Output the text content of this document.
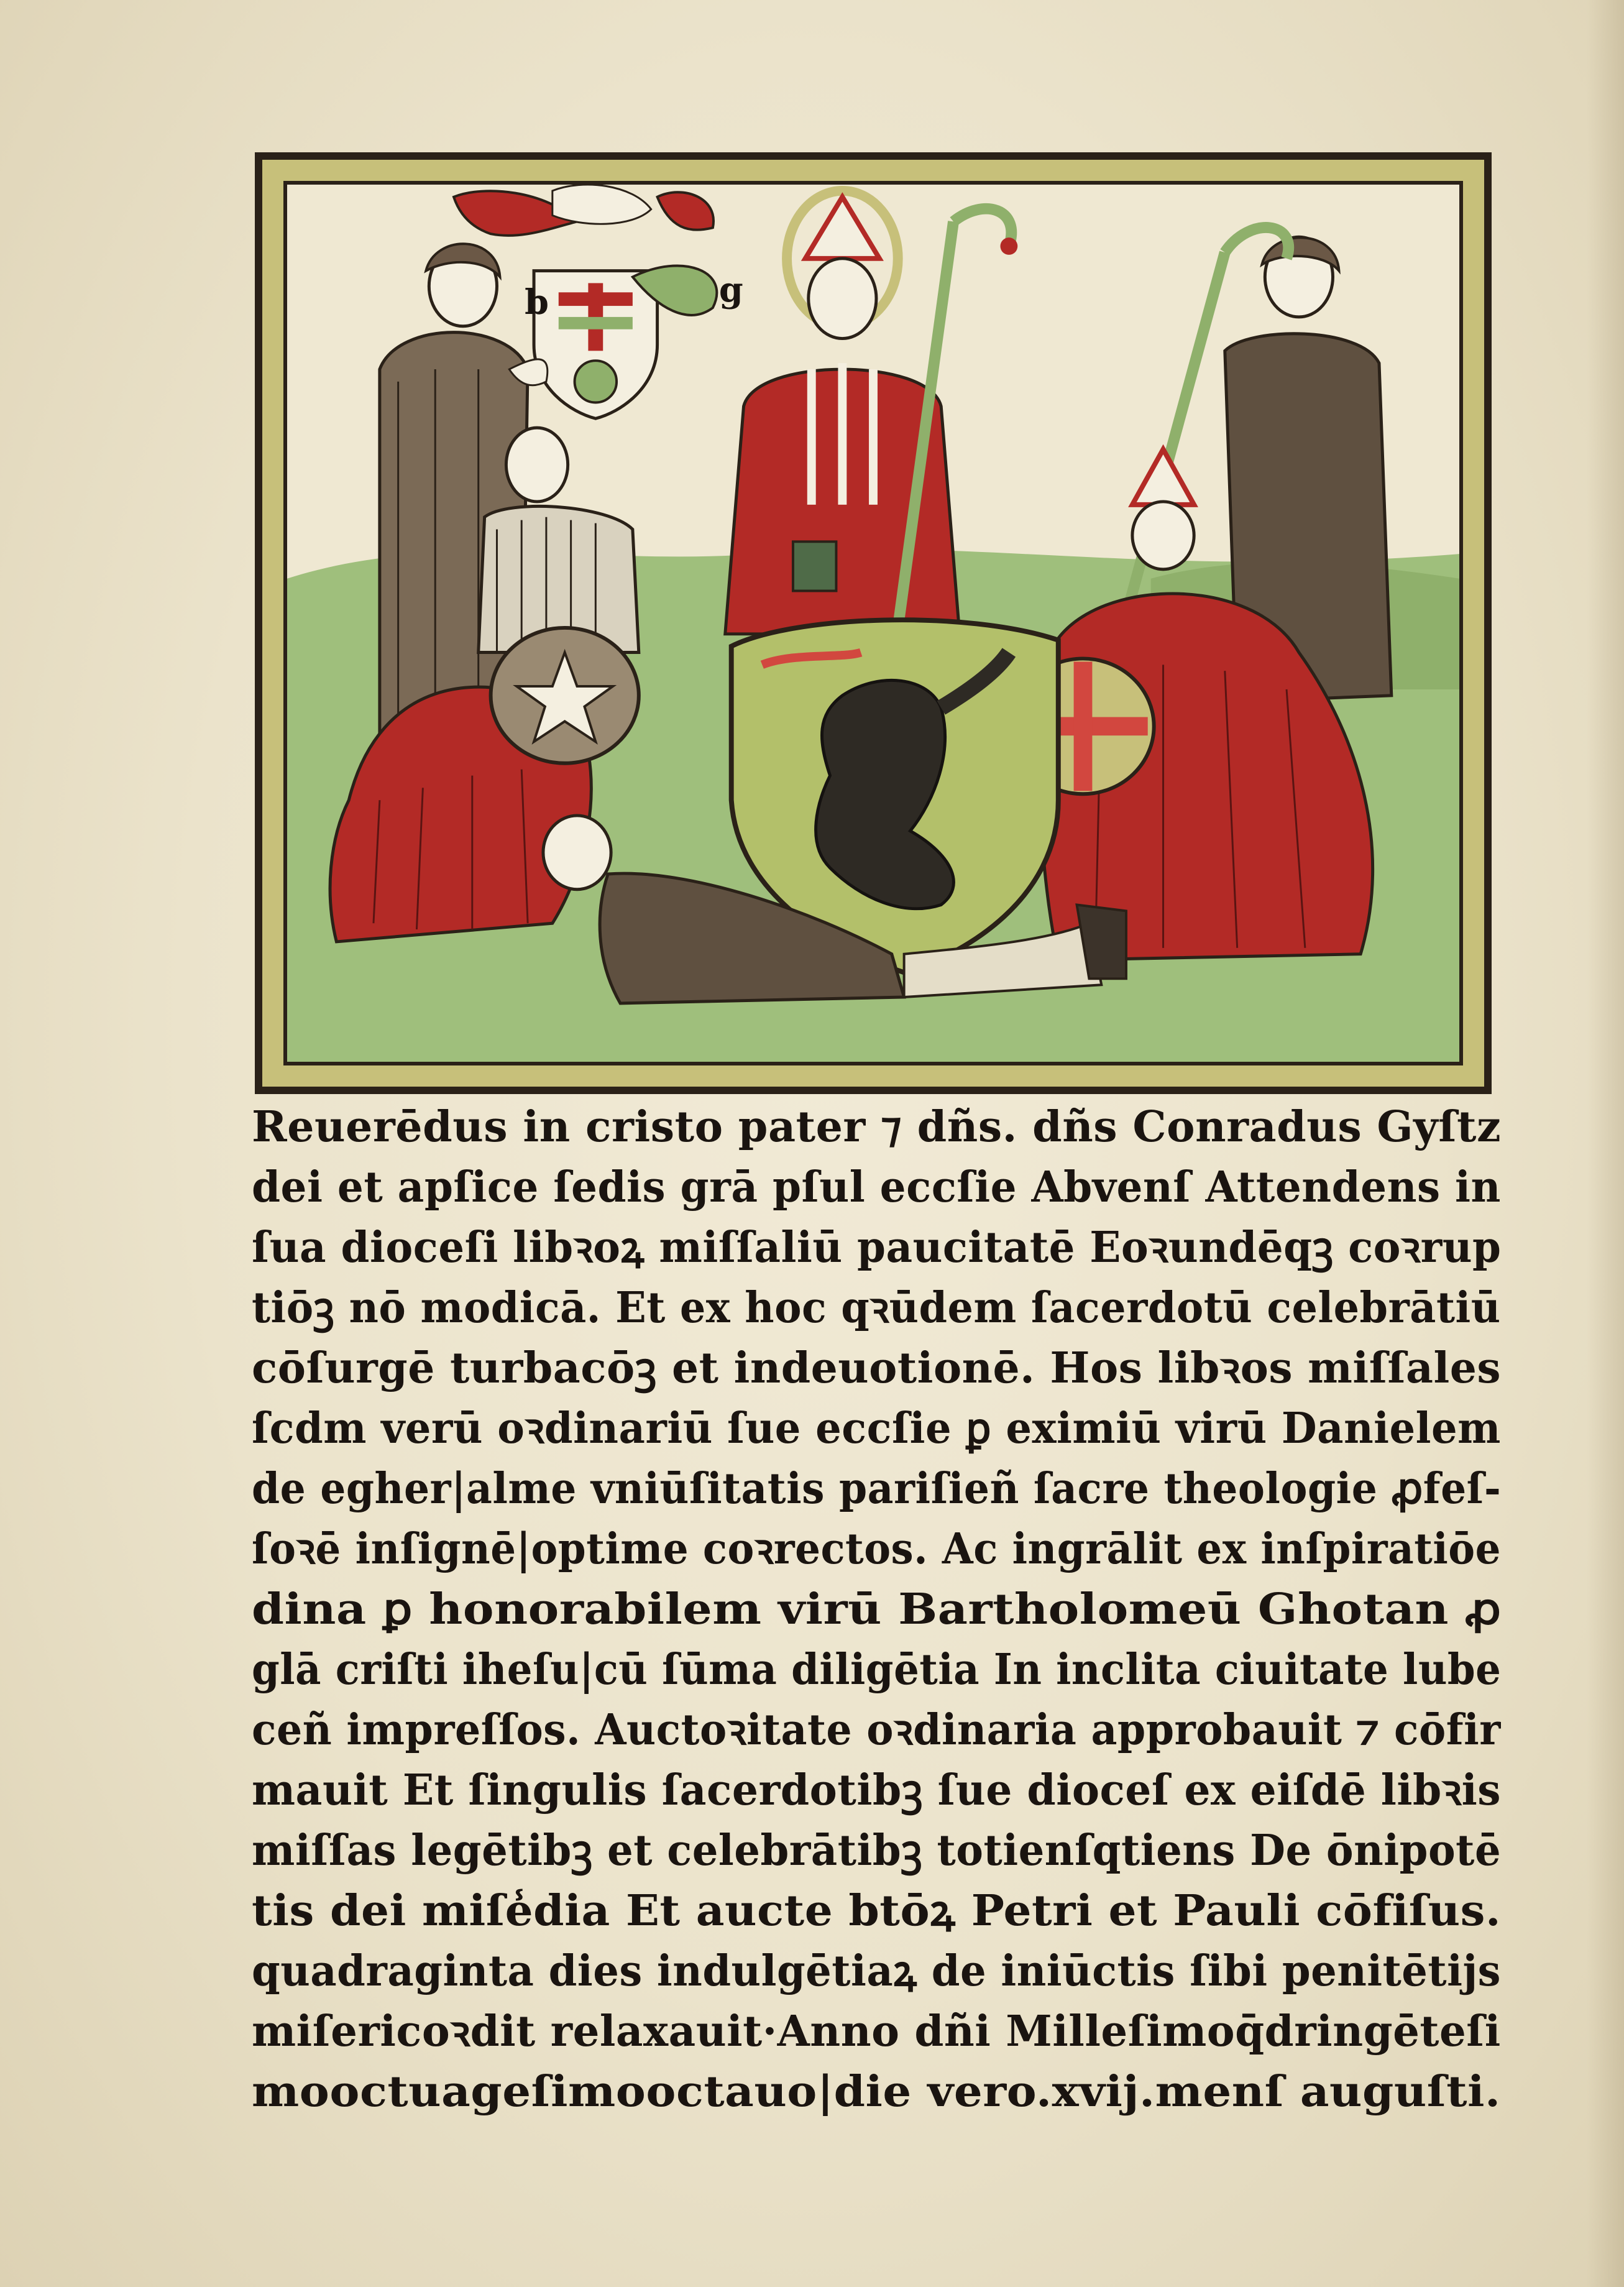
b	g
Reuerēdus in cristo pater ⁊ dñs. dñs Conradus Gyſtz
dei et apſice ſedis grā pſul eccſie Abvenſ Attendens in
ſua dioceſi libꝛoꝝ miſſaliū paucitatē Eoꝛundēqꝫ coꝛrup
tiōꝫ nō modicā. Et ex hoc qꝛūdem ſacerdotū celebrātiū
cōſurgē turbacōꝫ et indeuotionē. Hos libꝛos miſſales
ſcdm verū oꝛdinariū ſue eccſie ꝑ eximiū virū Danielem
de egher|alme vniūſitatis pariſieñ ſacre theologie ꝓfeſ-
ſoꝛē inſignē|optime coꝛrectos. Ac ingrālit ex inſpiratiōe
dina ꝑ honorabilem virū Bartholomeū Ghotan ꝓ
glā criſti iheſu|cū ſūma diligētia In inclita ciuitate lube
ceñ impreſſos. Auctoꝛitate oꝛdinaria approbauit ⁊ cōfir
mauit Et ſingulis ſacerdotibꝫ ſue dioceſ ex eiſdē libꝛis
miſſas legētibꝫ et celebrātibꝫ totienſqtiens De ōnipotē
tis dei miſe̾dia Et aucte btōꝝ Petri et Pauli cōfiſus.
quadraginta dies indulgētiaꝝ de iniūctis ſibi penitētijs
miſericoꝛdit relaxauit·Anno dñi Milleſimoq̄dringēteſi
mooctuageſimooctauo|die vero.xvij.menſ auguſti.
